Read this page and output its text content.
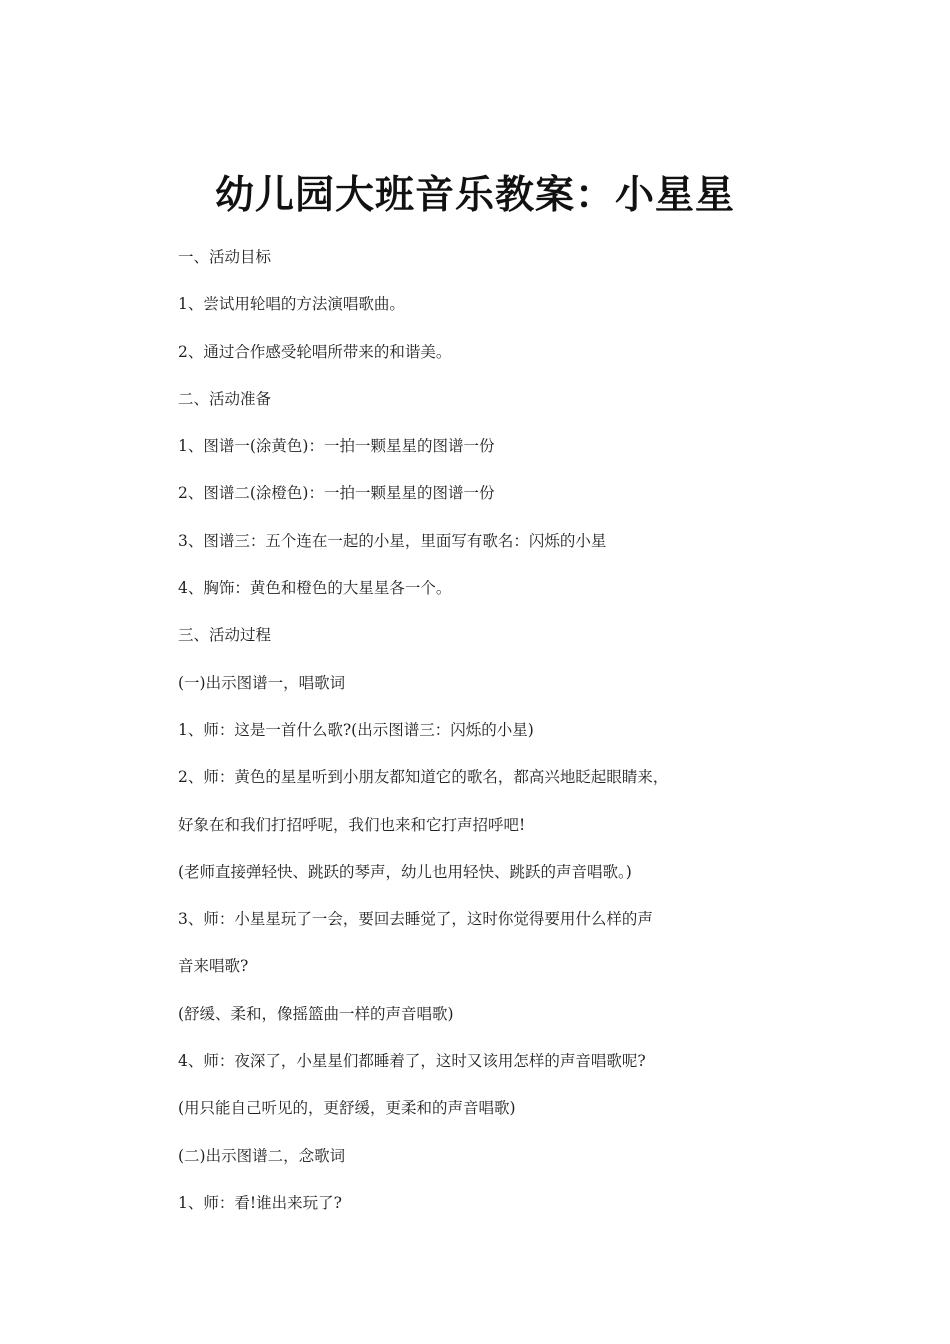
幼儿园大班音乐教案：小星星
一、活动目标
1、尝试用轮唱的方法演唱歌曲。
2、通过合作感受轮唱所带来的和谐美。
二、活动准备
1、图谱一(涂黄色)：一拍一颗星星的图谱一份
2、图谱二(涂橙色)：一拍一颗星星的图谱一份
3、图谱三：五个连在一起的小星，里面写有歌名：闪烁的小星
4、胸饰：黄色和橙色的大星星各一个。
三、活动过程
(一)出示图谱一，唱歌词
1、师：这是一首什么歌?(出示图谱三：闪烁的小星)
2、师：黄色的星星听到小朋友都知道它的歌名，都高兴地眨起眼睛来，
好象在和我们打招呼呢，我们也来和它打声招呼吧!
(老师直接弹轻快、跳跃的琴声，幼儿也用轻快、跳跃的声音唱歌。)
3、师：小星星玩了一会，要回去睡觉了，这时你觉得要用什么样的声
音来唱歌?
(舒缓、柔和，像摇篮曲一样的声音唱歌)
4、师：夜深了，小星星们都睡着了，这时又该用怎样的声音唱歌呢?
(用只能自己听见的，更舒缓，更柔和的声音唱歌)
(二)出示图谱二，念歌词
1、师：看!谁出来玩了?
